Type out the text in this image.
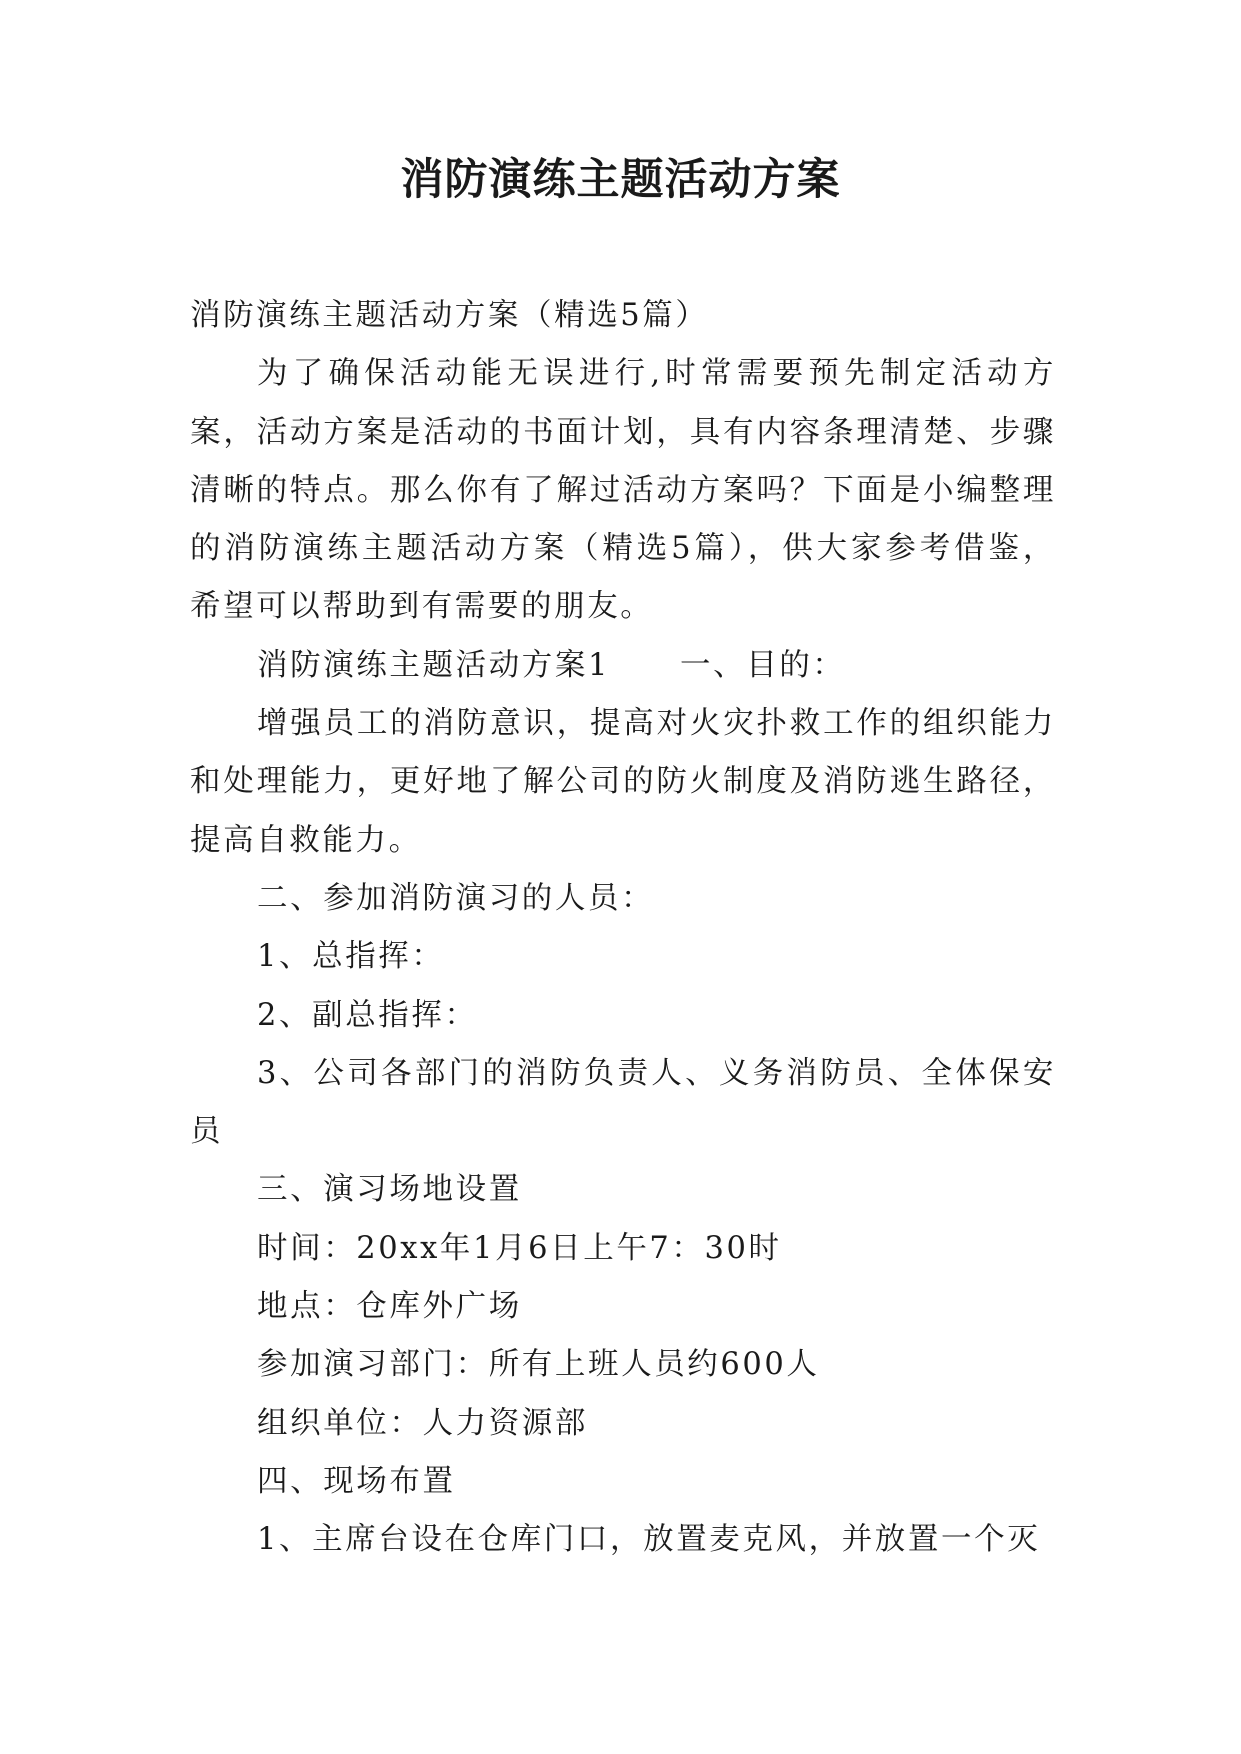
消防演练主题活动方案

消防演练主题活动方案（精选5篇）

为了确保活动能无误进行,时常需要预先制定活动方案，活动方案是活动的书面计划，具有内容条理清楚、步骤清晰的特点。那么你有了解过活动方案吗？下面是小编整理的消防演练主题活动方案（精选5篇），供大家参考借鉴，希望可以帮助到有需要的朋友。

消防演练主题活动方案1 一、目的：

增强员工的消防意识，提高对火灾扑救工作的组织能力和处理能力，更好地了解公司的防火制度及消防逃生路径，提高自救能力。

二、参加消防演习的人员：

1、总指挥：

2、副总指挥：

3、公司各部门的消防负责人、义务消防员、全体保安员

三、演习场地设置

时间：20xx年1月6日上午7：30时

地点：仓库外广场

参加演习部门：所有上班人员约600人

组织单位：人力资源部

四、现场布置

1、主席台设在仓库门口，放置麦克风，并放置一个灭
